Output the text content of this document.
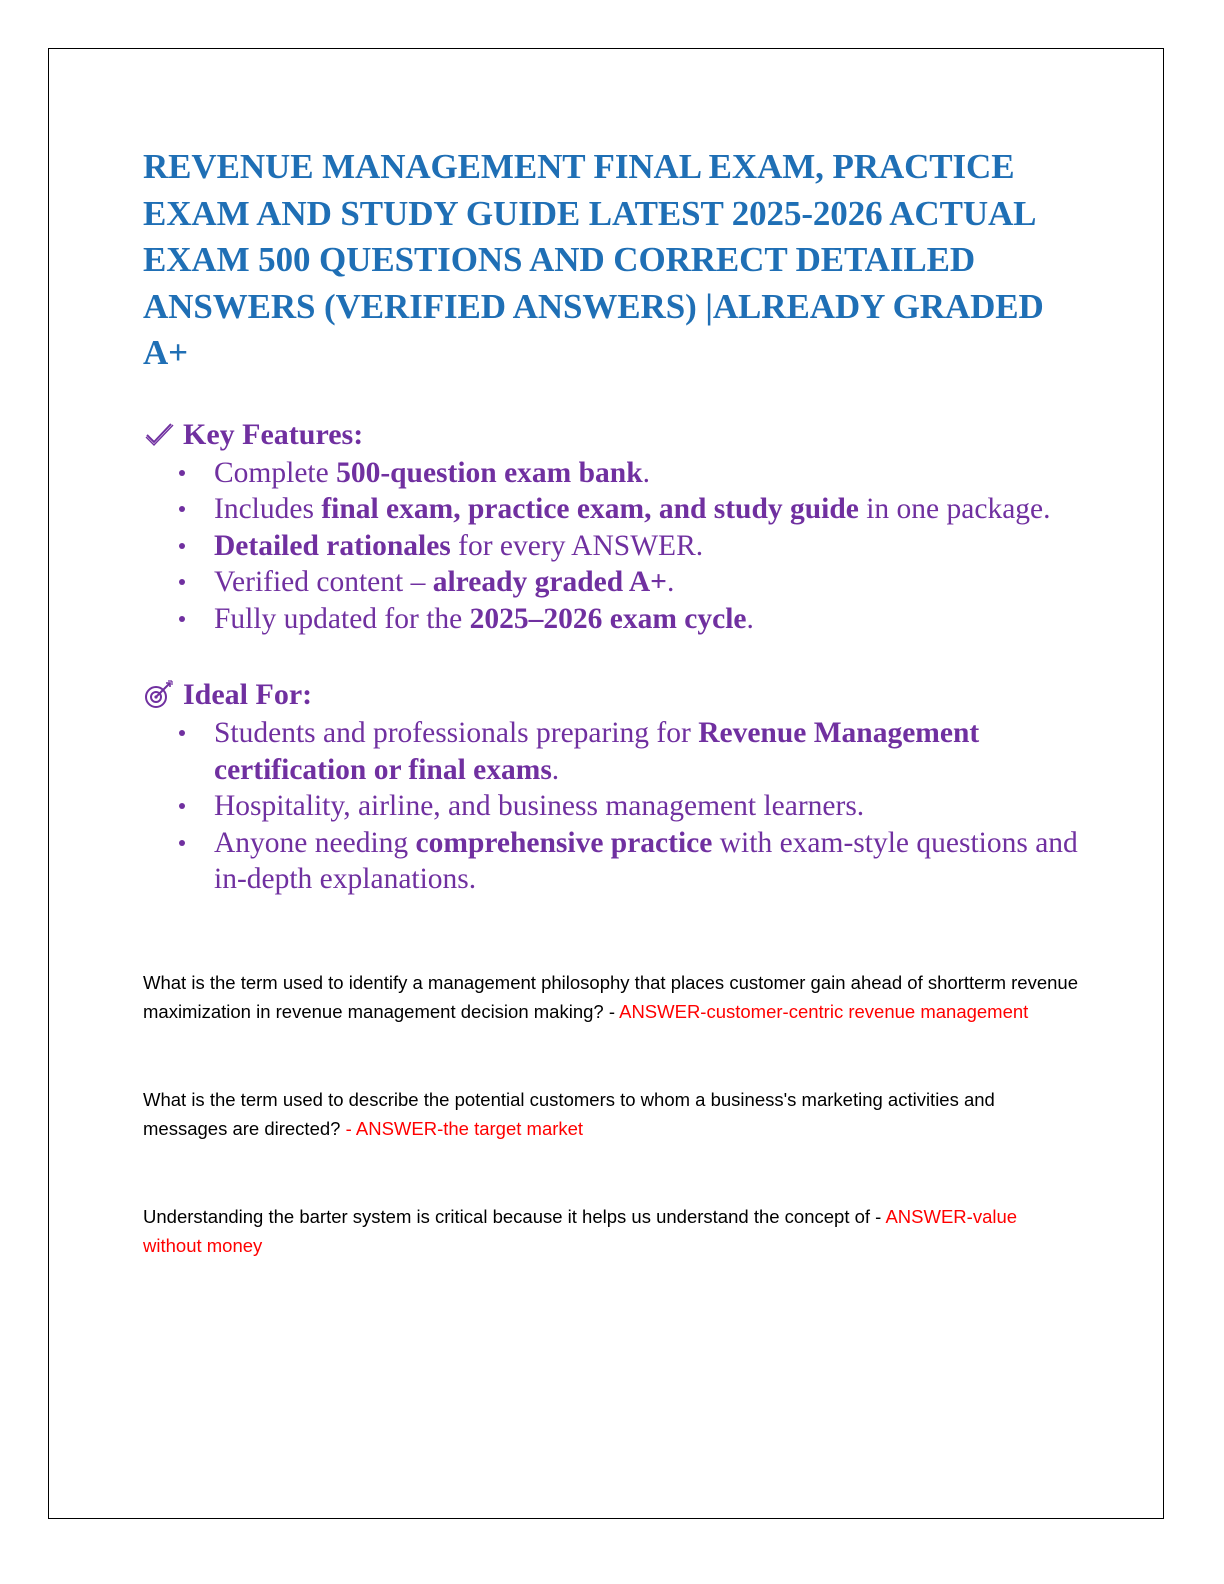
REVENUE MANAGEMENT FINAL EXAM, PRACTICE EXAM AND STUDY GUIDE LATEST 2025-2026 ACTUAL EXAM 500 QUESTIONS AND CORRECT DETAILED ANSWERS (VERIFIED ANSWERS) |ALREADY GRADED A+
Key Features:
Complete 500-question exam bank.
Includes final exam, practice exam, and study guide in one package.
Detailed rationales for every ANSWER.
Verified content – already graded A+.
Fully updated for the 2025–2026 exam cycle.
Ideal For:
Students and professionals preparing for Revenue Management certification or final exams.
Hospitality, airline, and business management learners.
Anyone needing comprehensive practice with exam-style questions and in-depth explanations.

What is the term used to identify a management philosophy that places customer gain ahead of shortterm revenue maximization in revenue management decision making? - ANSWER-customer-centric revenue management

What is the term used to describe the potential customers to whom a business's marketing activities and messages are directed? - ANSWER-the target market

Understanding the barter system is critical because it helps us understand the concept of - ANSWER-value without money
